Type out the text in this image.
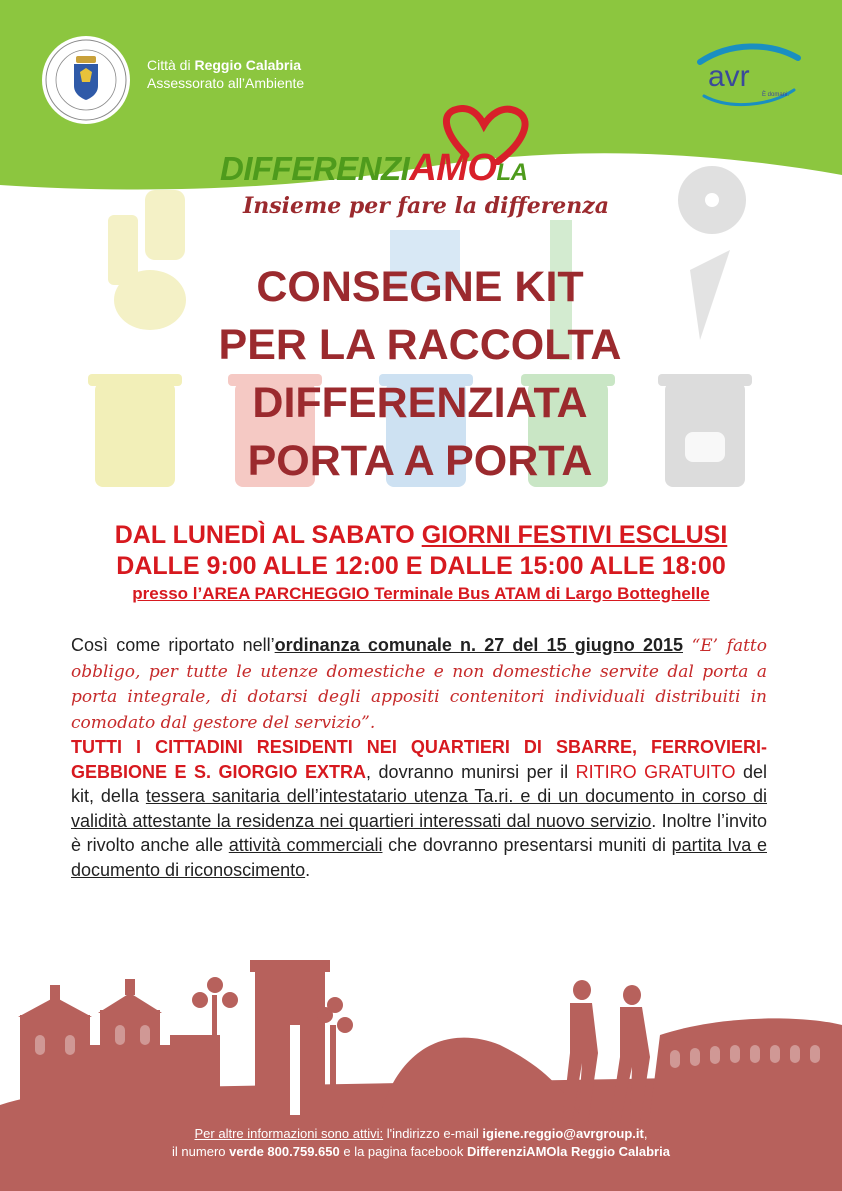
Città di Reggio Calabria
Assessorato all’Ambiente	avr
È domani.
DIFFERENZIAMOLA
Insieme per fare la differenza
CONSEGNE KIT
PER LA RACCOLTA
DIFFERENZIATA
PORTA A PORTA
DAL LUNEDÌ AL SABATO GIORNI FESTIVI ESCLUSI
DALLE 9:00 ALLE 12:00 E DALLE 15:00 ALLE 18:00
presso l’AREA PARCHEGGIO Terminale Bus ATAM di Largo Botteghelle
Così come riportato nell’ordinanza comunale n. 27 del 15 giugno 2015 “E’ fatto obbligo, per tutte le utenze domestiche e non domestiche servite dal porta a porta integrale, di dotarsi degli appositi contenitori individuali distribuiti in comodato dal gestore del servizio”.
TUTTI I CITTADINI RESIDENTI NEI QUARTIERI DI SBARRE, FERROVIERI-GEBBIONE E S. GIORGIO EXTRA, dovranno munirsi per il RITIRO GRATUITO del kit, della tessera sanitaria dell’intestatario utenza Ta.ri. e di un documento in corso di validità attestante la residenza nei quartieri interessati dal nuovo servizio. Inoltre l’invito è rivolto anche alle attività commerciali che dovranno presentarsi muniti di partita Iva e documento di riconoscimento.
Per altre informazioni sono attivi: l'indirizzo e-mail igiene.reggio@avrgroup.it,
il numero verde 800.759.650 e la pagina facebook DifferenziAMOla Reggio Calabria
